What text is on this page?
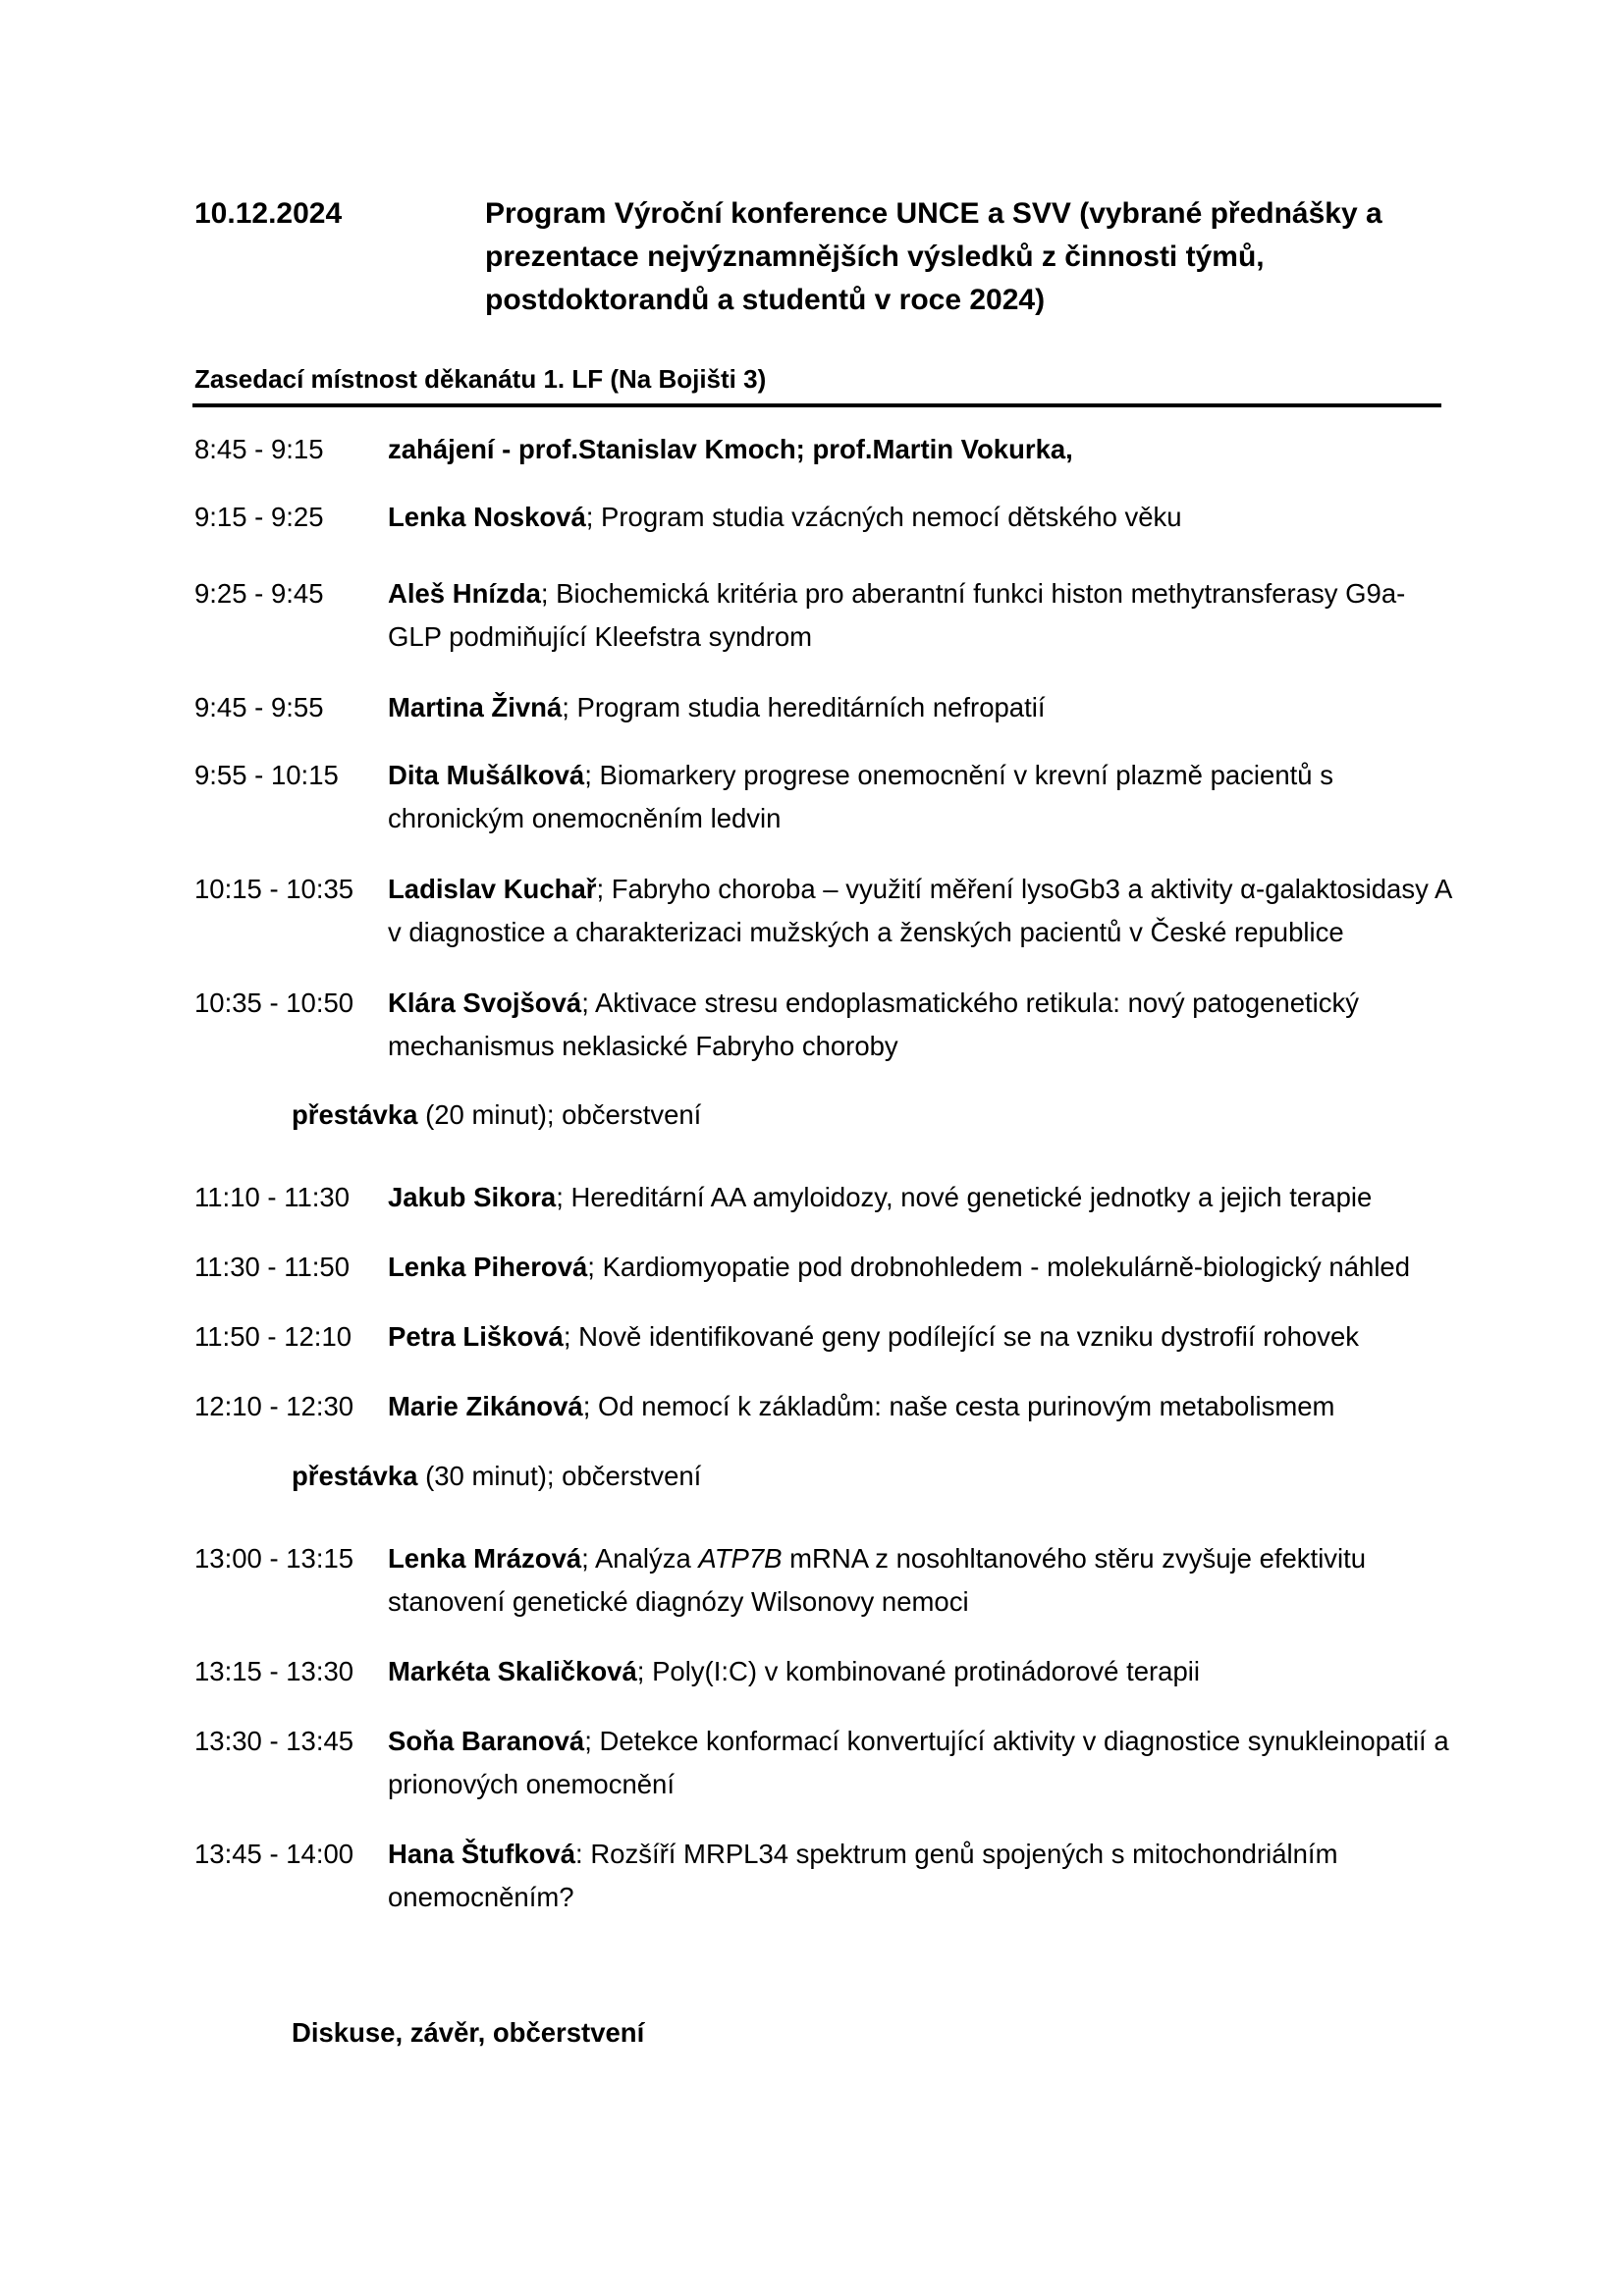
10.12.2024	Program Výroční konference UNCE a SVV (vybrané přednášky a prezentace nejvýznamnějších výsledků z činnosti týmů, postdoktorandů a studentů v roce 2024)
Zasedací místnost děkanátu 1. LF (Na Bojišti 3)
8:45 - 9:15	zahájení - prof.Stanislav Kmoch; prof.Martin Vokurka,
9:15 - 9:25	Lenka Nosková; Program studia vzácných nemocí dětského věku
9:25 - 9:45	Aleš Hnízda; Biochemická kritéria pro aberantní funkci histon methytransferasy G9a-GLP podmiňující Kleefstra syndrom
9:45 - 9:55	Martina Živná; Program studia hereditárních nefropatií
9:55 - 10:15	Dita Mušálková; Biomarkery progrese onemocnění v krevní plazmě pacientů s chronickým onemocněním ledvin
10:15 - 10:35	Ladislav Kuchař; Fabryho choroba – využití měření lysoGb3 a aktivity α-galaktosidasy A v diagnostice a charakterizaci mužských a ženských pacientů v České republice
10:35 - 10:50	Klára Svojšová; Aktivace stresu endoplasmatického retikula: nový patogenetický mechanismus neklasické Fabryho choroby
přestávka (20 minut); občerstvení
11:10 - 11:30	Jakub Sikora; Hereditární AA amyloidozy, nové genetické jednotky a jejich terapie
11:30 - 11:50	Lenka Piherová; Kardiomyopatie pod drobnohledem - molekulárně-biologický náhled
11:50 - 12:10	Petra Lišková; Nově identifikované geny podílející se na vzniku dystrofií rohovek
12:10 - 12:30	Marie Zikánová; Od nemocí k základům: naše cesta purinovým metabolismem
přestávka (30 minut); občerstvení
13:00 - 13:15	Lenka Mrázová; Analýza ATP7B mRNA z nosohltanového stěru zvyšuje efektivitu stanovení genetické diagnózy Wilsonovy nemoci
13:15 - 13:30	Markéta Skaličková; Poly(I:C) v kombinované protinádorové terapii
13:30 - 13:45	Soňa Baranová; Detekce konformací konvertující aktivity v diagnostice synukleinopatií a prionových onemocnění
13:45 - 14:00	Hana Štufková: Rozšíří MRPL34 spektrum genů spojených s mitochondriálním onemocněním?
Diskuse, závěr, občerstvení
